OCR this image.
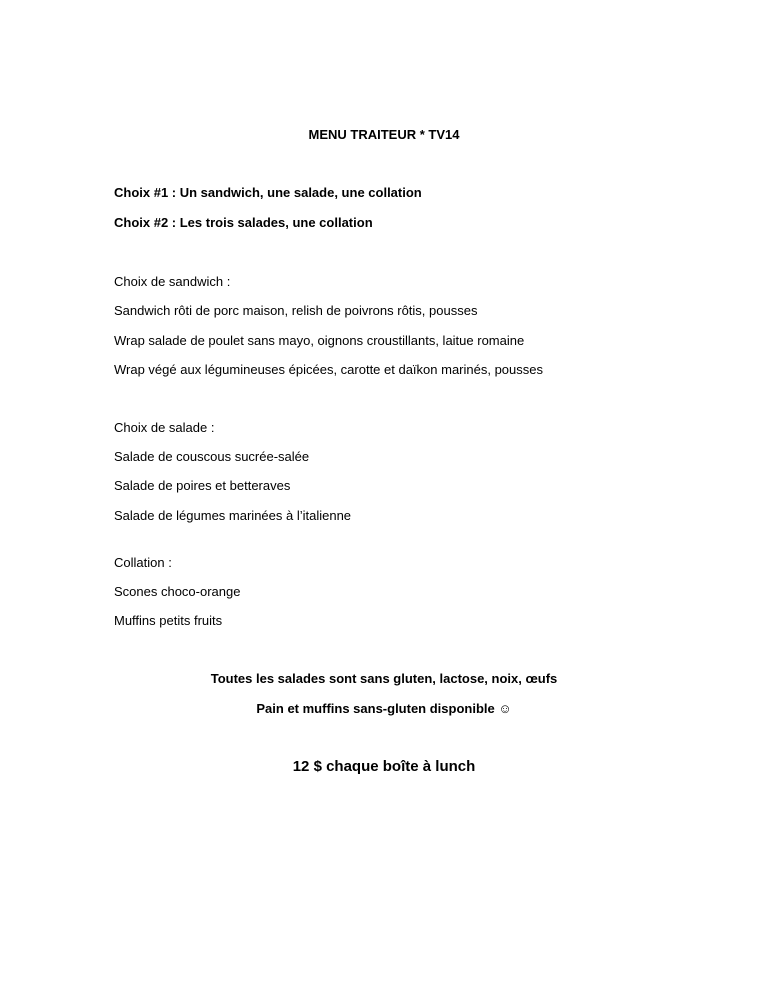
MENU TRAITEUR * TV14
Choix #1 : Un sandwich, une salade, une collation
Choix #2 : Les trois salades, une collation
Choix de sandwich :
Sandwich rôti de porc maison, relish de poivrons rôtis, pousses
Wrap salade de poulet sans mayo, oignons croustillants, laitue romaine
Wrap végé aux légumineuses épicées, carotte et daïkon marinés, pousses
Choix de salade :
Salade de couscous sucrée-salée
Salade de poires et betteraves
Salade de légumes marinées à l’italienne
Collation :
Scones choco-orange
Muffins petits fruits
Toutes les salades sont sans gluten, lactose, noix, œufs
Pain et muffins sans-gluten disponible ☺
12 $ chaque boîte à lunch
